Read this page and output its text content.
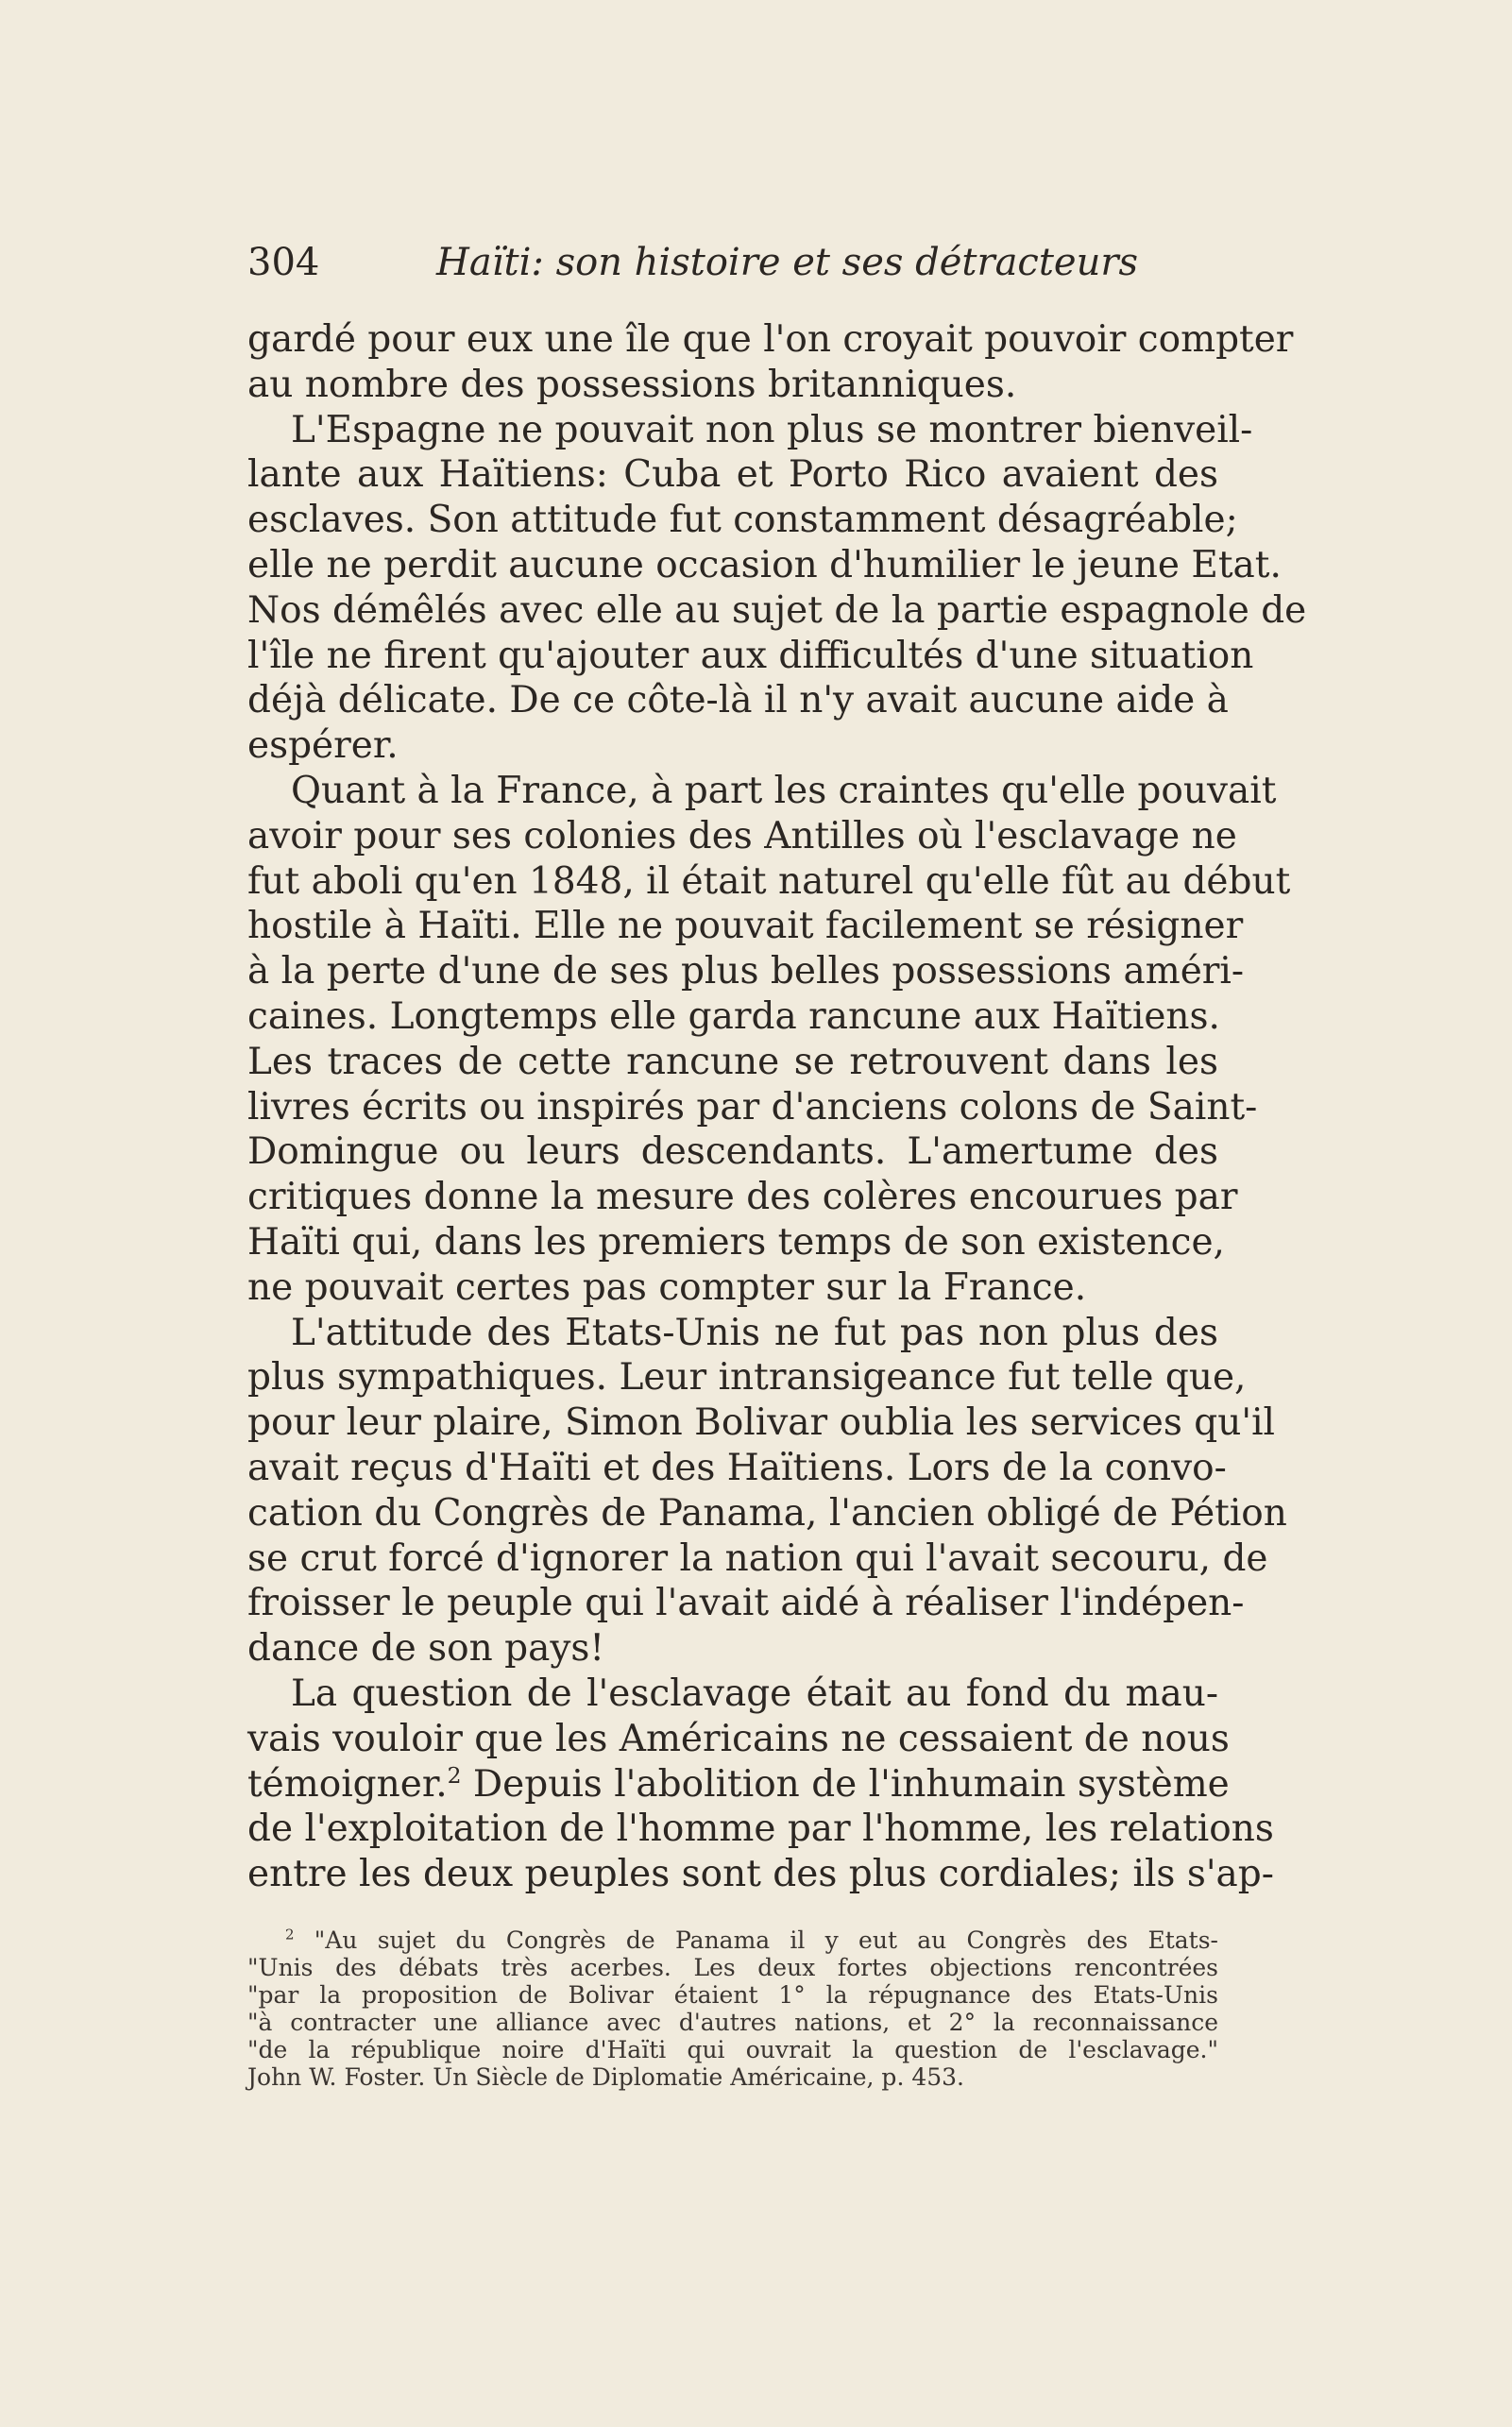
304	Haïti: son histoire et ses détracteurs
gardé pour eux une île que l'on croyait pouvoir compter
au nombre des possessions britanniques.
L'Espagne ne pouvait non plus se montrer bienveil-
lante aux Haïtiens: Cuba et Porto Rico avaient des
esclaves. Son attitude fut constamment désagréable;
elle ne perdit aucune occasion d'humilier le jeune Etat.
Nos démêlés avec elle au sujet de la partie espagnole de
l'île ne firent qu'ajouter aux difficultés d'une situation
déjà délicate. De ce côte-là il n'y avait aucune aide à
espérer.
Quant à la France, à part les craintes qu'elle pouvait
avoir pour ses colonies des Antilles où l'esclavage ne
fut aboli qu'en 1848, il était naturel qu'elle fût au début
hostile à Haïti. Elle ne pouvait facilement se résigner
à la perte d'une de ses plus belles possessions améri-
caines. Longtemps elle garda rancune aux Haïtiens.
Les traces de cette rancune se retrouvent dans les
livres écrits ou inspirés par d'anciens colons de Saint-
Domingue ou leurs descendants. L'amertume des
critiques donne la mesure des colères encourues par
Haïti qui, dans les premiers temps de son existence,
ne pouvait certes pas compter sur la France.
L'attitude des Etats-Unis ne fut pas non plus des
plus sympathiques. Leur intransigeance fut telle que,
pour leur plaire, Simon Bolivar oublia les services qu'il
avait reçus d'Haïti et des Haïtiens. Lors de la convo-
cation du Congrès de Panama, l'ancien obligé de Pétion
se crut forcé d'ignorer la nation qui l'avait secouru, de
froisser le peuple qui l'avait aidé à réaliser l'indépen-
dance de son pays!
La question de l'esclavage était au fond du mau-
vais vouloir que les Américains ne cessaient de nous
témoigner.$^2$ Depuis l'abolition de l'inhumain système
de l'exploitation de l'homme par l'homme, les relations
entre les deux peuples sont des plus cordiales; ils s'ap-
$^2$ "Au sujet du Congrès de Panama il y eut au Congrès des Etats-
"Unis des débats très acerbes. Les deux fortes objections rencontrées
"par la proposition de Bolivar étaient 1° la répugnance des Etats-Unis
"à contracter une alliance avec d'autres nations, et 2° la reconnaissance
"de la république noire d'Haïti qui ouvrait la question de l'esclavage."
John W. Foster. Un Siècle de Diplomatie Américaine, p. 453.
